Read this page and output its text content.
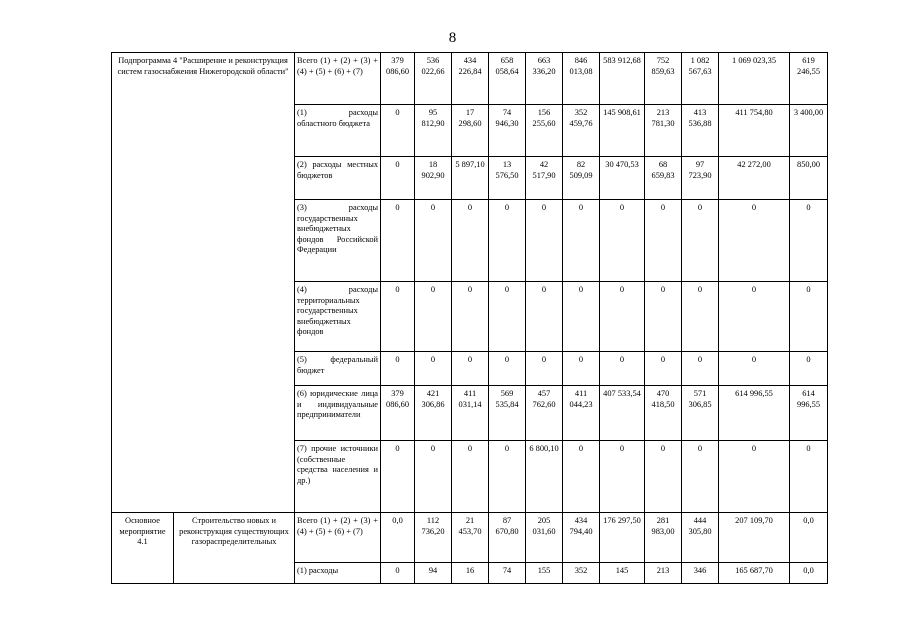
8
Подпрограмма 4 "Расширение и реконструкция систем газоснабжения Нижегородской области"		Всего (1) + (2) + (3) + (4) + (5) + (6) + (7)	379 086,60	536 022,66	434 226,84	658 058,64	663 336,20	846 013,08	583 912,68	752 859,63	1 082 567,63	1 069 023,35	619 246,55
		(1) расходы областного бюджета	0	95 812,90	17 298,60	74 946,30	156 255,60	352 459,76	145 908,61	213 781,30	413 536,88	411 754,80	3 400,00
		(2) расходы местных бюджетов	0	18 902,90	5 897,10	13 576,50	42 517,90	82 509,09	30 470,53	68 659,83	97 723,90	42 272,00	850,00
		(3) расходы государственных внебюджетных фондов Российской Федерации	0	0	0	0	0	0	0	0	0	0	0
		(4) расходы территориальных государственных внебюджетных фондов	0	0	0	0	0	0	0	0	0	0	0
		(5) федеральный бюджет	0	0	0	0	0	0	0	0	0	0	0
		(6) юридические лица и индивидуальные предприниматели	379 086,60	421 306,86	411 031,14	569 535,84	457 762,60	411 044,23	407 533,54	470 418,50	571 306,85	614 996,55	614 996,55
		(7) прочие источники (собственные средства населения и др.)	0	0	0	0	6 800,10	0	0	0	0	0	0
Основное мероприятие 4.1	Строительство новых и реконструкция существующих газораспределительных	Всего (1) + (2) + (3) + (4) + (5) + (6) + (7)	0,0	112 736,20	21 453,70	87 670,80	205 031,60	434 794,40	176 297,50	281 983,00	444 305,80	207 109,70	0,0
		(1) расходы	0	94	16	74	155	352	145	213	346	165 687,70	0,0
